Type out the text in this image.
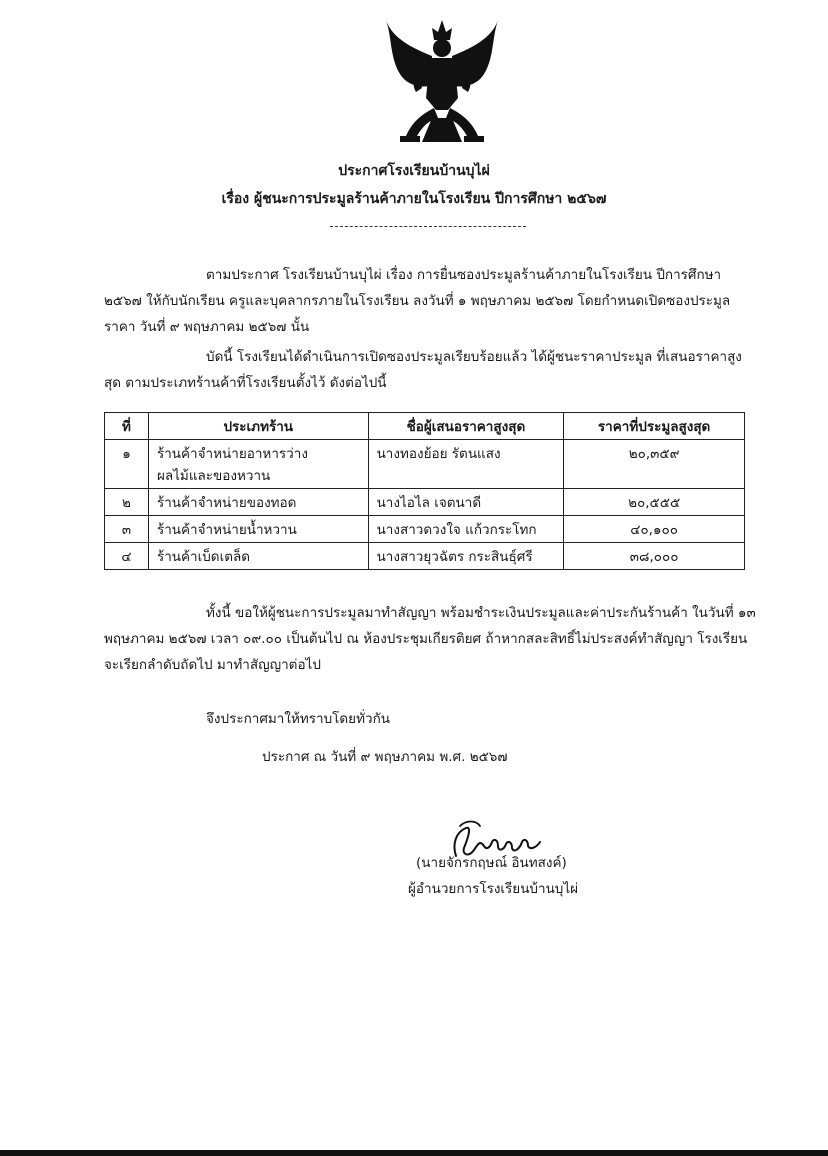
ประกาศโรงเรียนบ้านบุไผ่
เรื่อง ผู้ชนะการประมูลร้านค้าภายในโรงเรียน ปีการศึกษา ๒๕๖๗

ตามประกาศ โรงเรียนบ้านบุไผ่ เรื่อง การยื่นซองประมูลร้านค้าภายในโรงเรียน ปีการศึกษา

๒๕๖๗ ให้กับนักเรียน ครูและบุคลากรภายในโรงเรียน ลงวันที่ ๑ พฤษภาคม ๒๕๖๗ โดยกำหนดเปิดซองประมูล

ราคา วันที่ ๙ พฤษภาคม ๒๕๖๗ นั้น

บัดนี้ โรงเรียนได้ดำเนินการเปิดซองประมูลเรียบร้อยแล้ว ได้ผู้ชนะราคาประมูล ที่เสนอราคาสูง

สุด ตามประเภทร้านค้าที่โรงเรียนตั้งไว้ ดังต่อไปนี้

ที่	ประเภทร้าน	ชื่อผู้เสนอราคาสูงสุด	ราคาที่ประมูลสูงสุด
๑	ร้านค้าจำหน่ายอาหารว่าง
ผลไม้และของหวาน	นางทองย้อย รัตนแสง	๒๐,๓๕๙
๒	ร้านค้าจำหน่ายของทอด	นางไอไล เจตนาดี	๒๐,๕๕๕
๓	ร้านค้าจำหน่ายน้ำหวาน	นางสาวดวงใจ แก้วกระโทก	๔๐,๑๐๐
๔	ร้านค้าเบ็ดเตล็ด	นางสาวยุวฉัตร กระสินธุ์ศรี	๓๘,๐๐๐

ทั้งนี้ ขอให้ผู้ชนะการประมูลมาทำสัญญา พร้อมชำระเงินประมูลและค่าประกันร้านค้า ในวันที่ ๑๓

พฤษภาคม ๒๕๖๗ เวลา ๐๙.๐๐ เป็นต้นไป ณ ห้องประชุมเกียรติยศ ถ้าหากสละสิทธิ์ไม่ประสงค์ทำสัญญา โรงเรียน

จะเรียกลำดับถัดไป มาทำสัญญาต่อไป

จึงประกาศมาให้ทราบโดยทั่วกัน

ประกาศ ณ วันที่ ๙ พฤษภาคม พ.ศ. ๒๕๖๗

(นายจักรกฤษณ์ อินทสงค์)

ผู้อำนวยการโรงเรียนบ้านบุไผ่
